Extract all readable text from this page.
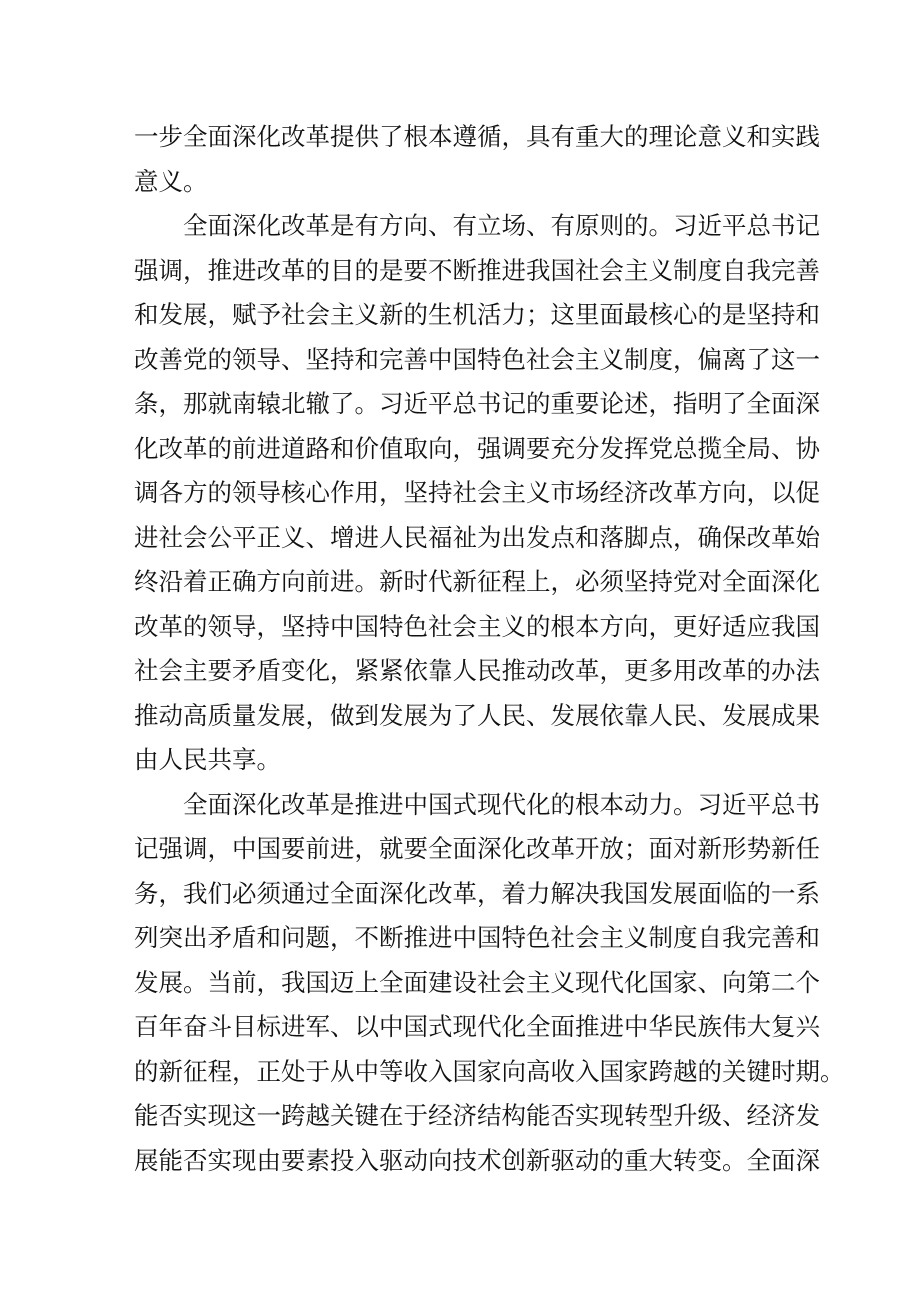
一步全面深化改革提供了根本遵循，具有重大的理论意义和实践
意义。
全面深化改革是有方向、有立场、有原则的。习近平总书记
强调，推进改革的目的是要不断推进我国社会主义制度自我完善
和发展，赋予社会主义新的生机活力；这里面最核心的是坚持和
改善党的领导、坚持和完善中国特色社会主义制度，偏离了这一
条，那就南辕北辙了。习近平总书记的重要论述，指明了全面深
化改革的前进道路和价值取向，强调要充分发挥党总揽全局、协
调各方的领导核心作用，坚持社会主义市场经济改革方向，以促
进社会公平正义、增进人民福祉为出发点和落脚点，确保改革始
终沿着正确方向前进。新时代新征程上，必须坚持党对全面深化
改革的领导，坚持中国特色社会主义的根本方向，更好适应我国
社会主要矛盾变化，紧紧依靠人民推动改革，更多用改革的办法
推动高质量发展，做到发展为了人民、发展依靠人民、发展成果
由人民共享。
全面深化改革是推进中国式现代化的根本动力。习近平总书
记强调，中国要前进，就要全面深化改革开放；面对新形势新任
务，我们必须通过全面深化改革，着力解决我国发展面临的一系
列突出矛盾和问题，不断推进中国特色社会主义制度自我完善和
发展。当前，我国迈上全面建设社会主义现代化国家、向第二个
百年奋斗目标进军、以中国式现代化全面推进中华民族伟大复兴
的新征程，正处于从中等收入国家向高收入国家跨越的关键时期。
能否实现这一跨越关键在于经济结构能否实现转型升级、经济发
展能否实现由要素投入驱动向技术创新驱动的重大转变。全面深
